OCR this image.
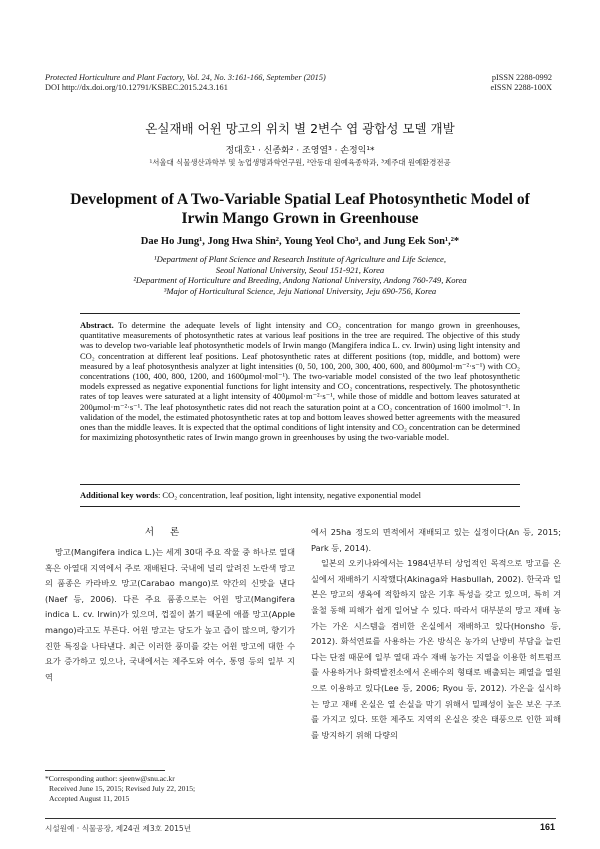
Protected Horticulture and Plant Factory, Vol. 24, No. 3:161-166, September (2015)
DOI http://dx.doi.org/10.12791/KSBEC.2015.24.3.161
pISSN 2288-0992
eISSN 2288-100X
온실재배 어윈 망고의 위치 별 2변수 엽 광합성 모델 개발
정대호¹ · 신종화² · 조영열³ · 손정익¹*
¹서울대 식물생산과학부 및 농업생명과학연구원, ²안동대 원예육종학과, ³제주대 원예환경전공
Development of A Two-Variable Spatial Leaf Photosynthetic Model of Irwin Mango Grown in Greenhouse
Dae Ho Jung¹, Jong Hwa Shin², Young Yeol Cho³, and Jung Eek Son¹,²*
¹Department of Plant Science and Research Institute of Agriculture and Life Science,
Seoul National University, Seoul 151-921, Korea
²Department of Horticulture and Breeding, Andong National University, Andong 760-749, Korea
³Major of Horticultural Science, Jeju National University, Jeju 690-756, Korea
Abstract. To determine the adequate levels of light intensity and CO₂ concentration for mango grown in greenhouses, quantitative measurements of photosynthetic rates at various leaf positions in the tree are required. The objective of this study was to develop two-variable leaf photosynthetic models of Irwin mango (Mangifera indica L. cv. Irwin) using light intensity and CO₂ concentration at different leaf positions. Leaf photosynthetic rates at different positions (top, middle, and bottom) were measured by a leaf photosynthesis analyzer at light intensities (0, 50, 100, 200, 300, 400, 600, and 800μmol·m⁻²·s⁻¹) with CO₂ concentrations (100, 400, 800, 1200, and 1600μmol·mol⁻¹). The two-variable model consisted of the two leaf photosynthetic models expressed as negative exponential functions for light intensity and CO₂ concentrations, respectively. The photosynthetic rates of top leaves were saturated at a light intensity of 400μmol·m⁻²·s⁻¹, while those of middle and bottom leaves saturated at 200μmol·m⁻²·s⁻¹. The leaf photosynthetic rates did not reach the saturation point at a CO₂ concentration of 1600 imolmol⁻¹. In validation of the model, the estimated photosynthetic rates at top and bottom leaves showed better agreements with the measured ones than the middle leaves. It is expected that the optimal conditions of light intensity and CO₂ concentration can be determined for maximizing photosynthetic rates of Irwin mango grown in greenhouses by using the two-variable model.
Additional key words: CO₂ concentration, leaf position, light intensity, negative exponential model
서론

망고(Mangifera indica L.)는 세계 30대 주요 작물 중 하나로 열대 혹은 아열대 지역에서 주로 재배된다. 국내에 널리 알려진 노란색 망고의 품종은 카라바오 망고(Carabao mango)로 약간의 신맛을 낸다(Naef 등, 2006). 다른 주요 품종으로는 어윈 망고(Mangifera indica L. cv. Irwin)가 있으며, 껍질이 붉기 때문에 애플 망고(Apple mango)라고도 부른다. 어윈 망고는 당도가 높고 즙이 많으며, 향기가 진한 특징을 나타낸다. 최근 이러한 풍미를 갖는 어윈 망고에 대한 수요가 증가하고 있으나, 국내에서는 제주도와 여수, 통영 등의 일부 지역

에서 25ha 정도의 면적에서 재배되고 있는 실정이다(An 등, 2015; Park 등, 2014).

일본의 오키나와에서는 1984년부터 상업적인 목적으로 망고를 온실에서 재배하기 시작했다(Akinaga와 Hasbullah, 2002). 한국과 일본은 망고의 생육에 적합하지 않은 기후 특성을 갖고 있으며, 특히 겨울철 동해 피해가 쉽게 일어날 수 있다. 따라서 대부분의 망고 재배 농가는 가온 시스템을 겸비한 온실에서 재배하고 있다(Honsho 등, 2012). 화석연료를 사용하는 가온 방식은 농가의 난방비 부담을 늘린다는 단점 때문에 일부 열대 과수 재배 농가는 지열을 이용한 히트펌프를 사용하거나 화력발전소에서 온배수의 형태로 배출되는 폐열을 열원으로 이용하고 있다(Lee 등, 2006; Ryou 등, 2012). 가온을 실시하는 망고 재배 온실은 열 손실을 막기 위해서 밀폐성이 높은 보온 구조를 가지고 있다. 또한 제주도 지역의 온실은 잦은 태풍으로 인한 피해를 방지하기 위해 다량의

*Corresponding author: sjeenw@snu.ac.kr
Received June 15, 2015; Revised July 22, 2015;
Accepted August 11, 2015
시설원예 · 식물공장, 제24권 제3호 2015년	161
